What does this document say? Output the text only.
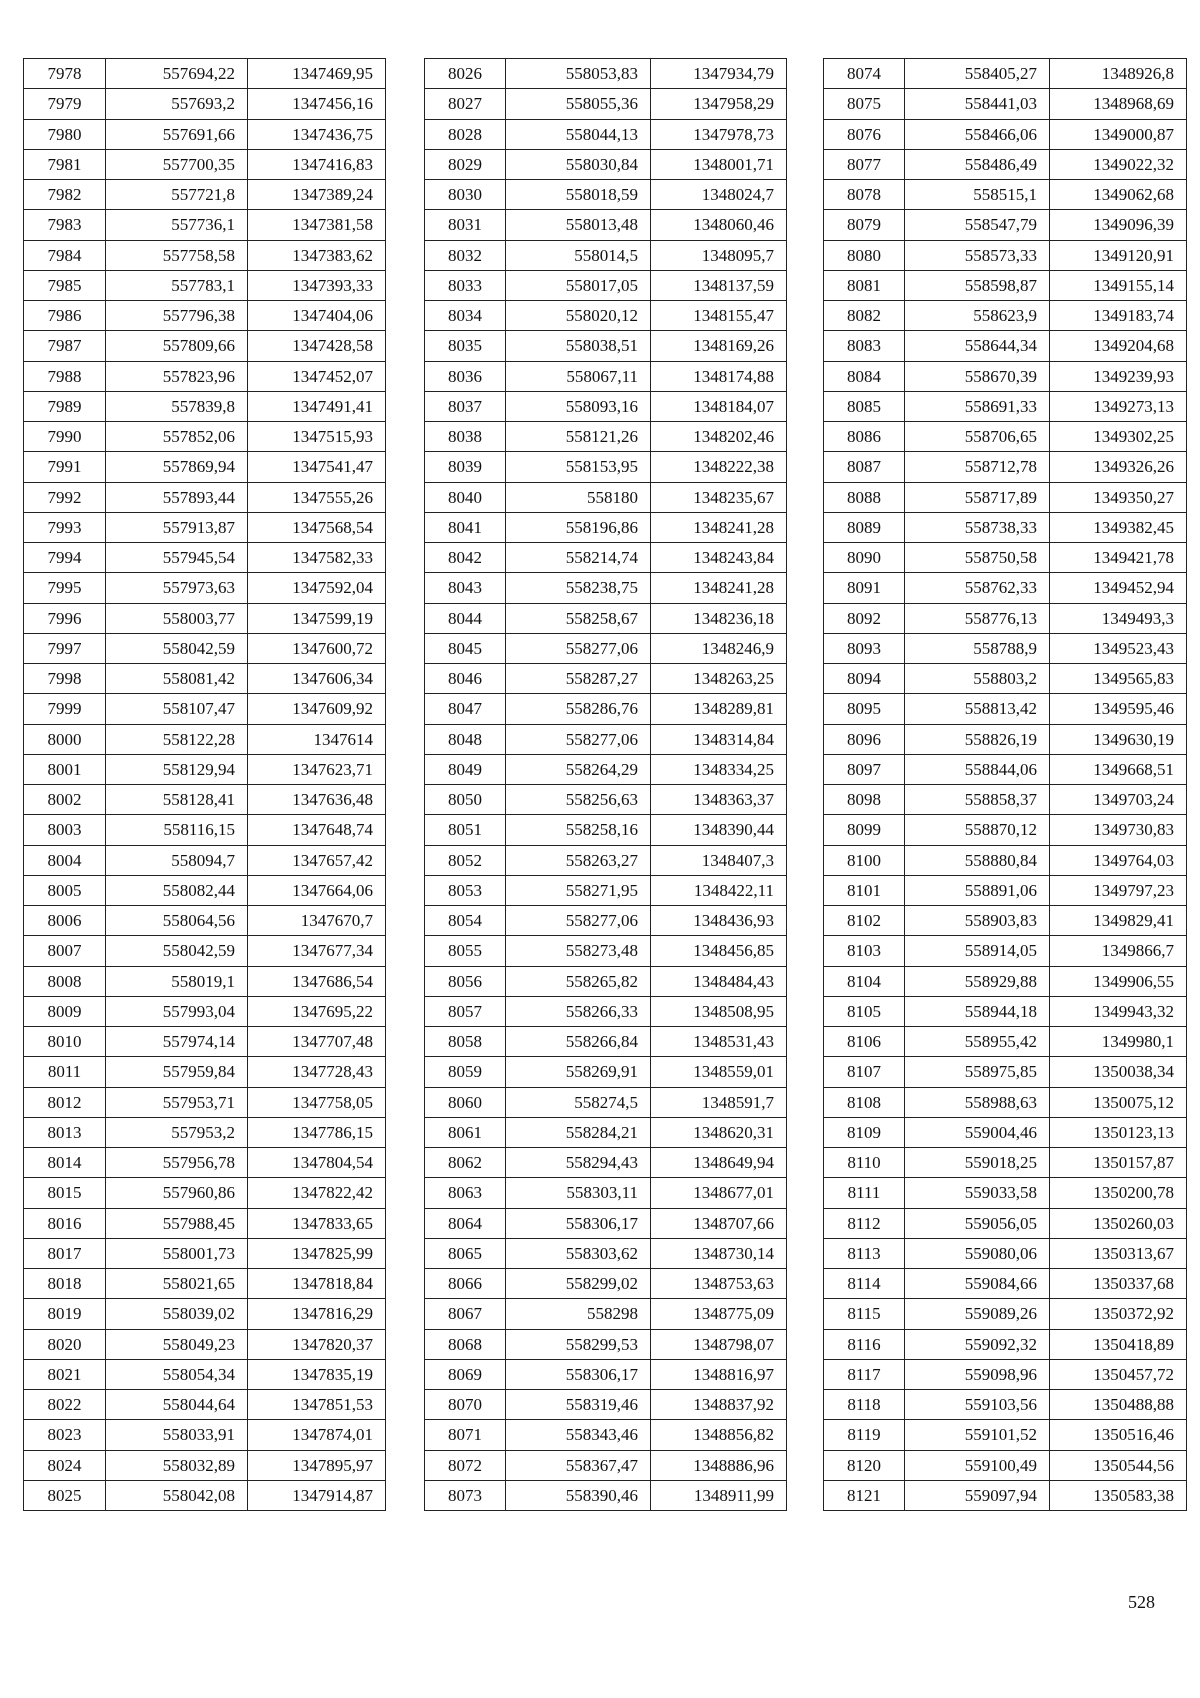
7978	557694,22	1347469,95
7979	557693,2	1347456,16
7980	557691,66	1347436,75
7981	557700,35	1347416,83
7982	557721,8	1347389,24
7983	557736,1	1347381,58
7984	557758,58	1347383,62
7985	557783,1	1347393,33
7986	557796,38	1347404,06
7987	557809,66	1347428,58
7988	557823,96	1347452,07
7989	557839,8	1347491,41
7990	557852,06	1347515,93
7991	557869,94	1347541,47
7992	557893,44	1347555,26
7993	557913,87	1347568,54
7994	557945,54	1347582,33
7995	557973,63	1347592,04
7996	558003,77	1347599,19
7997	558042,59	1347600,72
7998	558081,42	1347606,34
7999	558107,47	1347609,92
8000	558122,28	1347614
8001	558129,94	1347623,71
8002	558128,41	1347636,48
8003	558116,15	1347648,74
8004	558094,7	1347657,42
8005	558082,44	1347664,06
8006	558064,56	1347670,7
8007	558042,59	1347677,34
8008	558019,1	1347686,54
8009	557993,04	1347695,22
8010	557974,14	1347707,48
8011	557959,84	1347728,43
8012	557953,71	1347758,05
8013	557953,2	1347786,15
8014	557956,78	1347804,54
8015	557960,86	1347822,42
8016	557988,45	1347833,65
8017	558001,73	1347825,99
8018	558021,65	1347818,84
8019	558039,02	1347816,29
8020	558049,23	1347820,37
8021	558054,34	1347835,19
8022	558044,64	1347851,53
8023	558033,91	1347874,01
8024	558032,89	1347895,97
8025	558042,08	1347914,87
8026	558053,83	1347934,79
8027	558055,36	1347958,29
8028	558044,13	1347978,73
8029	558030,84	1348001,71
8030	558018,59	1348024,7
8031	558013,48	1348060,46
8032	558014,5	1348095,7
8033	558017,05	1348137,59
8034	558020,12	1348155,47
8035	558038,51	1348169,26
8036	558067,11	1348174,88
8037	558093,16	1348184,07
8038	558121,26	1348202,46
8039	558153,95	1348222,38
8040	558180	1348235,67
8041	558196,86	1348241,28
8042	558214,74	1348243,84
8043	558238,75	1348241,28
8044	558258,67	1348236,18
8045	558277,06	1348246,9
8046	558287,27	1348263,25
8047	558286,76	1348289,81
8048	558277,06	1348314,84
8049	558264,29	1348334,25
8050	558256,63	1348363,37
8051	558258,16	1348390,44
8052	558263,27	1348407,3
8053	558271,95	1348422,11
8054	558277,06	1348436,93
8055	558273,48	1348456,85
8056	558265,82	1348484,43
8057	558266,33	1348508,95
8058	558266,84	1348531,43
8059	558269,91	1348559,01
8060	558274,5	1348591,7
8061	558284,21	1348620,31
8062	558294,43	1348649,94
8063	558303,11	1348677,01
8064	558306,17	1348707,66
8065	558303,62	1348730,14
8066	558299,02	1348753,63
8067	558298	1348775,09
8068	558299,53	1348798,07
8069	558306,17	1348816,97
8070	558319,46	1348837,92
8071	558343,46	1348856,82
8072	558367,47	1348886,96
8073	558390,46	1348911,99
8074	558405,27	1348926,8
8075	558441,03	1348968,69
8076	558466,06	1349000,87
8077	558486,49	1349022,32
8078	558515,1	1349062,68
8079	558547,79	1349096,39
8080	558573,33	1349120,91
8081	558598,87	1349155,14
8082	558623,9	1349183,74
8083	558644,34	1349204,68
8084	558670,39	1349239,93
8085	558691,33	1349273,13
8086	558706,65	1349302,25
8087	558712,78	1349326,26
8088	558717,89	1349350,27
8089	558738,33	1349382,45
8090	558750,58	1349421,78
8091	558762,33	1349452,94
8092	558776,13	1349493,3
8093	558788,9	1349523,43
8094	558803,2	1349565,83
8095	558813,42	1349595,46
8096	558826,19	1349630,19
8097	558844,06	1349668,51
8098	558858,37	1349703,24
8099	558870,12	1349730,83
8100	558880,84	1349764,03
8101	558891,06	1349797,23
8102	558903,83	1349829,41
8103	558914,05	1349866,7
8104	558929,88	1349906,55
8105	558944,18	1349943,32
8106	558955,42	1349980,1
8107	558975,85	1350038,34
8108	558988,63	1350075,12
8109	559004,46	1350123,13
8110	559018,25	1350157,87
8111	559033,58	1350200,78
8112	559056,05	1350260,03
8113	559080,06	1350313,67
8114	559084,66	1350337,68
8115	559089,26	1350372,92
8116	559092,32	1350418,89
8117	559098,96	1350457,72
8118	559103,56	1350488,88
8119	559101,52	1350516,46
8120	559100,49	1350544,56
8121	559097,94	1350583,38
528
